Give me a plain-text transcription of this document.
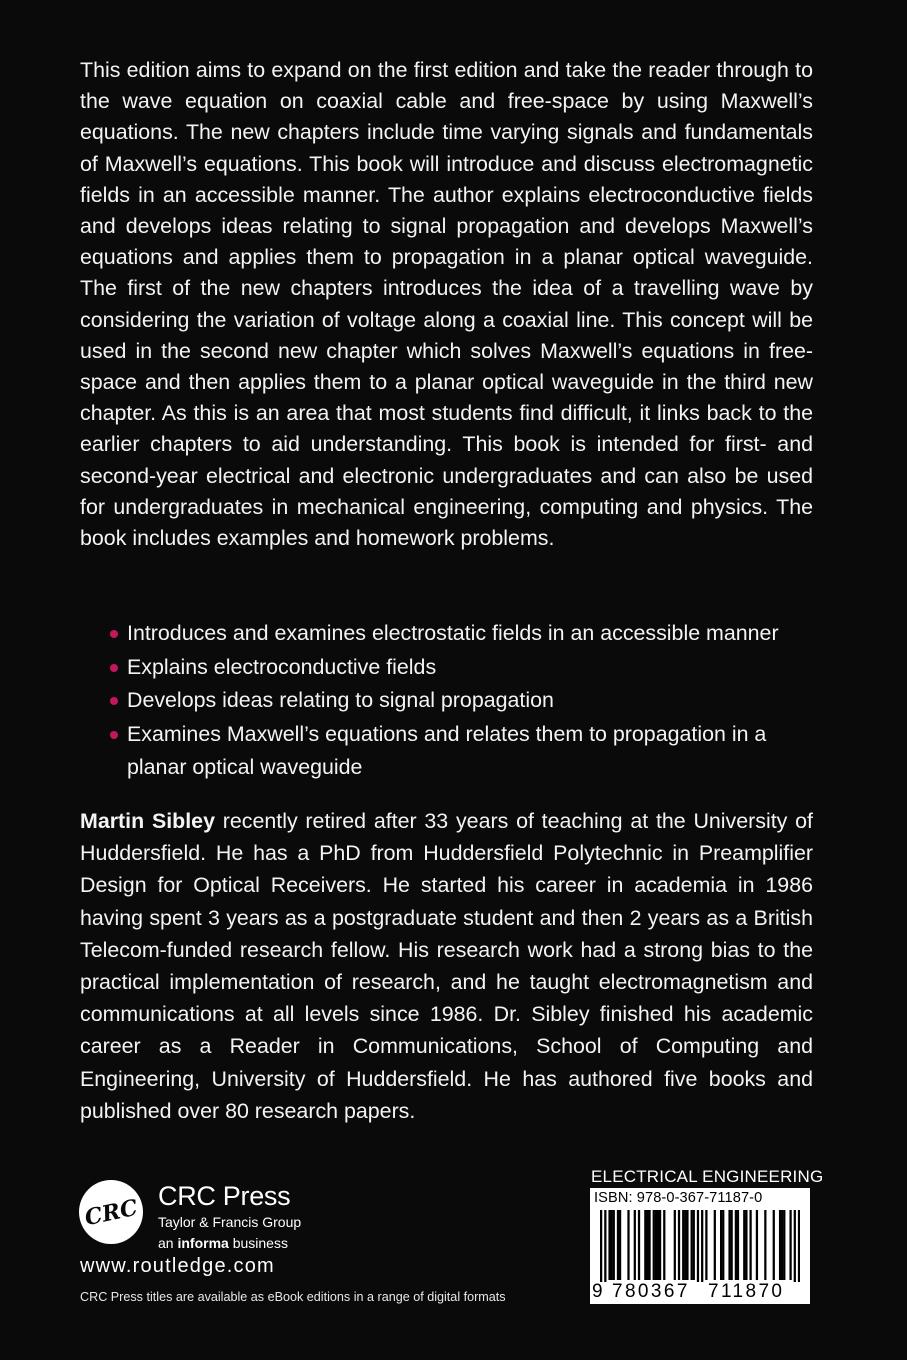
This edition aims to expand on the first edition and take the reader through to the wave equation on coaxial cable and free-space by using Maxwell’s equations. The new chapters include time varying signals and fundamentals of Maxwell’s equations. This book will introduce and discuss electromagnetic fields in an accessible manner. The author explains electroconductive fields and develops ideas relating to signal propagation and develops Maxwell’s equations and applies them to propagation in a planar optical waveguide. The first of the new chapters introduces the idea of a travelling wave by considering the variation of voltage along a coaxial line. This concept will be used in the second new chapter which solves Maxwell’s equations in free-space and then applies them to a planar optical waveguide in the third new chapter. As this is an area that most students find difficult, it links back to the earlier chapters to aid understanding. This book is intended for first- and second-year electrical and electronic undergraduates and can also be used for undergraduates in mechanical engineering, computing and physics. The book includes examples and homework problems.

Introduces and examines electrostatic fields in an accessible manner
Explains electroconductive fields
Develops ideas relating to signal propagation
Examines Maxwell’s equations and relates them to propagation in a planar optical waveguide

Martin Sibley recently retired after 33 years of teaching at the University of Huddersfield. He has a PhD from Huddersfield Polytechnic in Preamplifier Design for Optical Receivers. He started his career in academia in 1986 having spent 3 years as a postgraduate student and then 2 years as a British Telecom-funded research fellow. His research work had a strong bias to the practical implementation of research, and he taught electromagnetism and communications at all levels since 1986. Dr. Sibley finished his academic career as a Reader in Communications, School of Computing and Engineering, University of Huddersfield. He has authored five books and published over 80 research papers.

CRC CRC Press
Taylor & Francis Group
an informa business
www.routledge.com
CRC Press titles are available as eBook editions in a range of digital formats
ELECTRICAL ENGINEERING
ISBN: 978-0-367-71187-0
9 780367 711870
